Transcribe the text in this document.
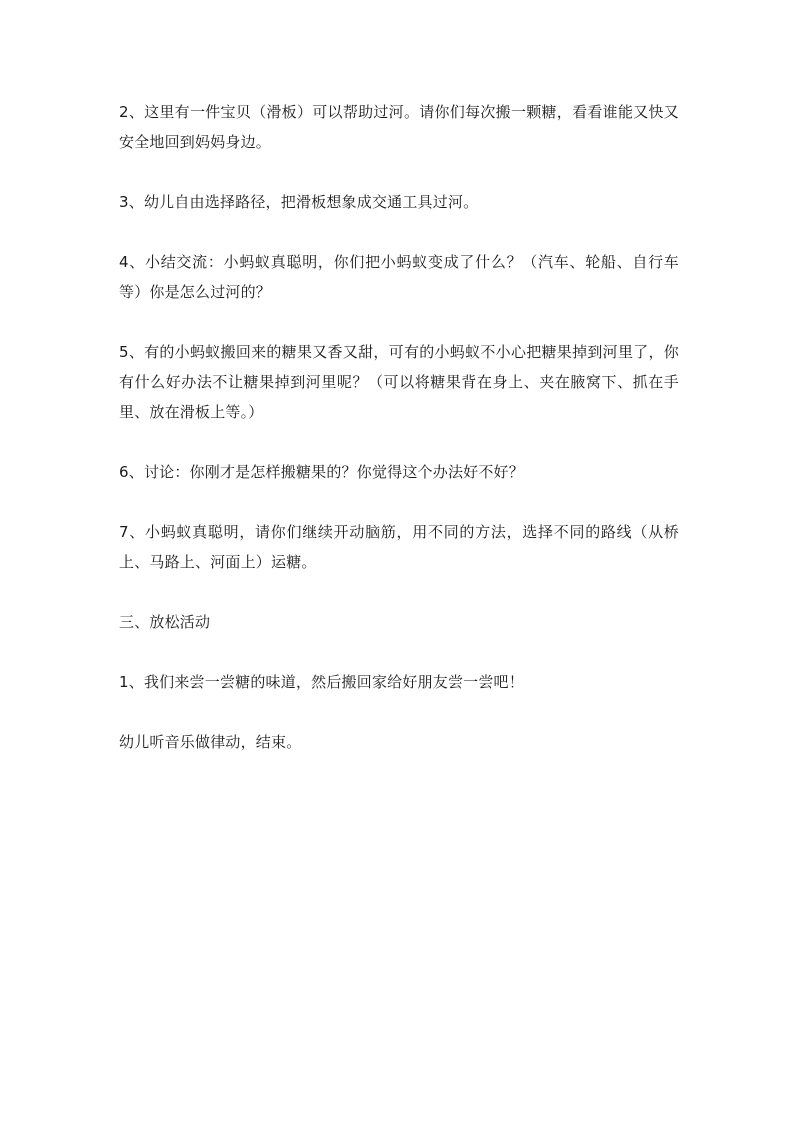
2、这里有一件宝贝（滑板）可以帮助过河。请你们每次搬一颗糖，看看谁能又快又安全地回到妈妈身边。

3、幼儿自由选择路径，把滑板想象成交通工具过河。

4、小结交流：小蚂蚁真聪明，你们把小蚂蚁变成了什么？（汽车、轮船、自行车等）你是怎么过河的？

5、有的小蚂蚁搬回来的糖果又香又甜，可有的小蚂蚁不小心把糖果掉到河里了，你有什么好办法不让糖果掉到河里呢？（可以将糖果背在身上、夹在腋窝下、抓在手里、放在滑板上等。）

6、讨论：你刚才是怎样搬糖果的？你觉得这个办法好不好？

7、小蚂蚁真聪明，请你们继续开动脑筋，用不同的方法，选择不同的路线（从桥上、马路上、河面上）运糖。

三、放松活动

1、我们来尝一尝糖的味道，然后搬回家给好朋友尝一尝吧！

幼儿听音乐做律动，结束。
